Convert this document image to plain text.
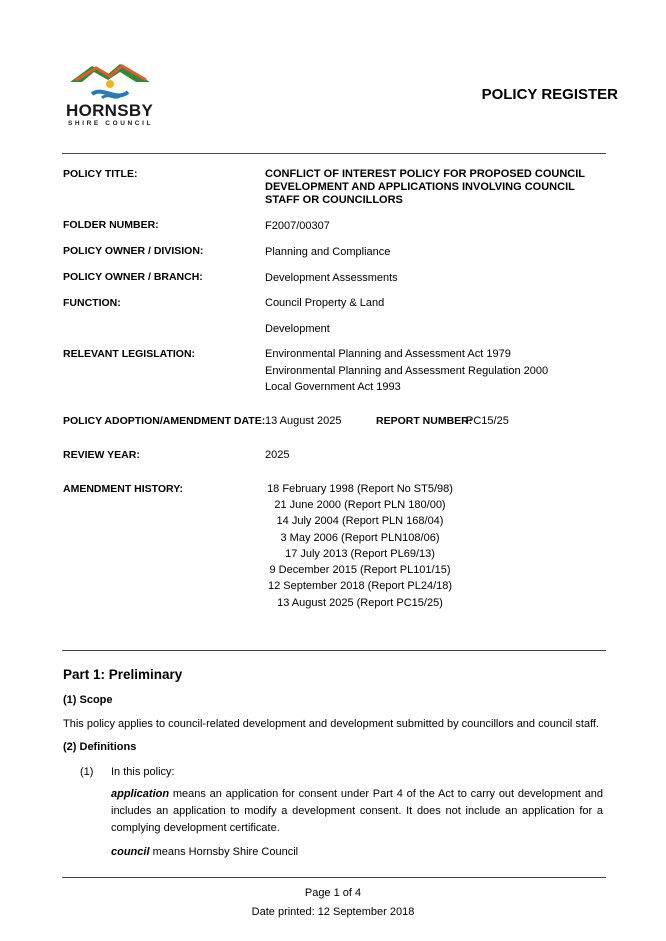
HORNSBY
SHIRE COUNCIL
POLICY REGISTER
POLICY TITLE:	CONFLICT OF INTEREST POLICY FOR PROPOSED COUNCIL DEVELOPMENT AND APPLICATIONS INVOLVING COUNCIL STAFF OR COUNCILLORS
FOLDER NUMBER:	F2007/00307
POLICY OWNER / DIVISION:	Planning and Compliance
POLICY OWNER / BRANCH:	Development Assessments
FUNCTION:	Council Property & Land
Development
RELEVANT LEGISLATION:	Environmental Planning and Assessment Act 1979
Environmental Planning and Assessment Regulation 2000
Local Government Act 1993
POLICY ADOPTION/AMENDMENT DATE: 13 August 2025	REPORT NUMBER:
PC15/25
REVIEW YEAR:	2025
AMENDMENT HISTORY:	18 February 1998 (Report No ST5/98)
21 June 2000 (Report PLN 180/00)
14 July 2004 (Report PLN 168/04)
3 May 2006 (Report PLN108/06)
17 July 2013 (Report PL69/13)
9 December 2015 (Report PL101/15)
12 September 2018 (Report PL24/18)
13 August 2025 (Report PC15/25)
Part 1: Preliminary
(1) Scope
This policy applies to council-related development and development submitted by councillors and council staff.
(2) Definitions
(1) In this policy:
application means an application for consent under Part 4 of the Act to carry out development and includes an application to modify a development consent. It does not include an application for a complying development certificate.
council means Hornsby Shire Council
Page 1 of 4
Date printed: 12 September 2018
